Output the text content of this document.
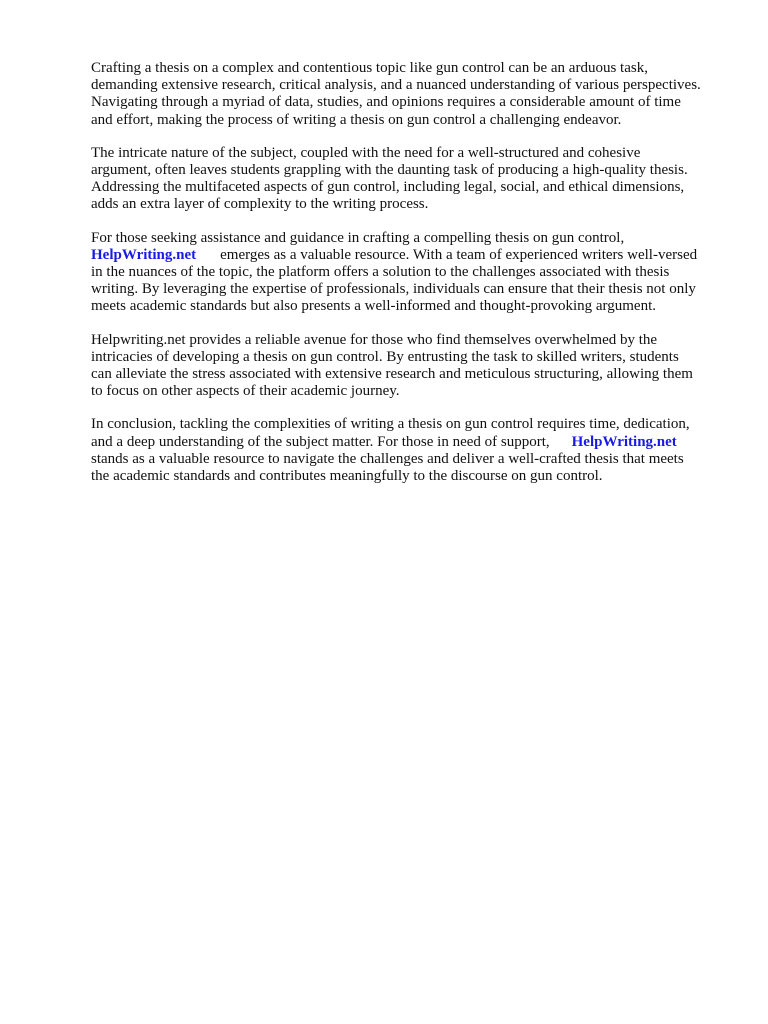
Crafting a thesis on a complex and contentious topic like gun control can be an arduous task,
demanding extensive research, critical analysis, and a nuanced understanding of various perspectives.
Navigating through a myriad of data, studies, and opinions requires a considerable amount of time
and effort, making the process of writing a thesis on gun control a challenging endeavor.

The intricate nature of the subject, coupled with the need for a well-structured and cohesive
argument, often leaves students grappling with the daunting task of producing a high-quality thesis.
Addressing the multifaceted aspects of gun control, including legal, social, and ethical dimensions,
adds an extra layer of complexity to the writing process.

For those seeking assistance and guidance in crafting a compelling thesis on gun control,
HelpWriting.net emerges as a valuable resource. With a team of experienced writers well-versed
in the nuances of the topic, the platform offers a solution to the challenges associated with thesis
writing. By leveraging the expertise of professionals, individuals can ensure that their thesis not only
meets academic standards but also presents a well-informed and thought-provoking argument.

Helpwriting.net provides a reliable avenue for those who find themselves overwhelmed by the
intricacies of developing a thesis on gun control. By entrusting the task to skilled writers, students
can alleviate the stress associated with extensive research and meticulous structuring, allowing them
to focus on other aspects of their academic journey.

In conclusion, tackling the complexities of writing a thesis on gun control requires time, dedication,
and a deep understanding of the subject matter. For those in need of support, HelpWriting.net
stands as a valuable resource to navigate the challenges and deliver a well-crafted thesis that meets
the academic standards and contributes meaningfully to the discourse on gun control.
